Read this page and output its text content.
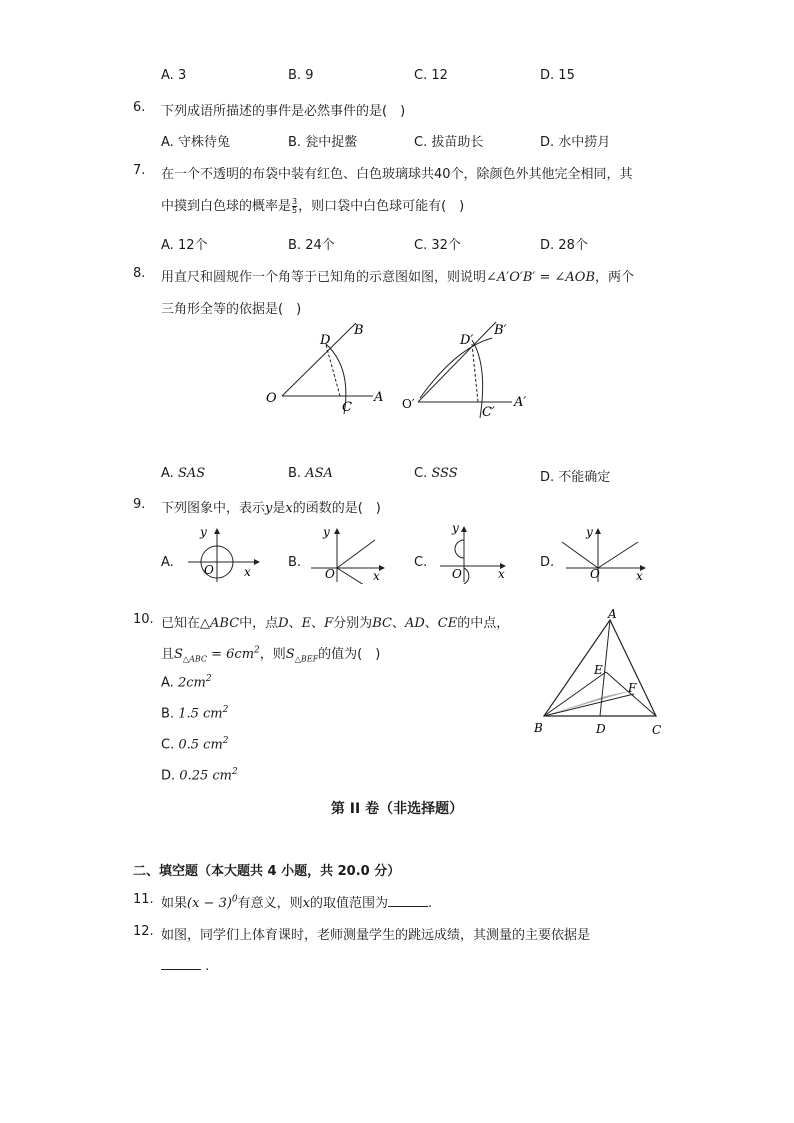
A. 3	B. 9	C. 12	D. 15
6. 下列成语所描述的事件是必然事件的是(　)
A. 守株待兔	B. 瓮中捉鳖	C. 拔苗助长	D. 水中捞月
7. 在一个不透明的布袋中装有红色、白色玻璃球共40个，除颜色外其他完全相同，其
中摸到白色球的概率是 $\frac{3}{5}$ ，则口袋中白色球可能有(　)
A. 12个	B. 24个	C. 32个	D. 28个
8. 用直尺和圆规作一个角等于已知角的示意图如图，则说明∠A′O′B′ = ∠AOB，两个
三角形全等的依据是(　)
D
B
O
C
A
D′
B′
O′
C′
A′
A. SAS	B. ASA	C. SSS	D. 不能确定
9. 下列图象中，表示y是x的函数的是(　)
A.
y
x
O	B.
y
x
O
C.
y
x
O
D.
y
x
O
10. 已知在△ABC中，点D、E、F分别为BC、AD、CE的中点，
且$S_{\triangle ABC} = 6cm^2$，则$S_{\triangle BEF}$的值为(　)
A. $2cm^2$
B. 1.5 $cm^2$
C. 0.5 $cm^2$
D. 0.25 $cm^2$
A
B	C
D
E
F
第 II 卷（非选择题）
二、填空题（本大题共 4 小题，共 20.0 分）
11. 如果$(x - 3)^0$有意义，则x的取值范围为	.
12. 如图，同学们上体育课时，老师测量学生的跳远成绩，其测量的主要依据是
.
